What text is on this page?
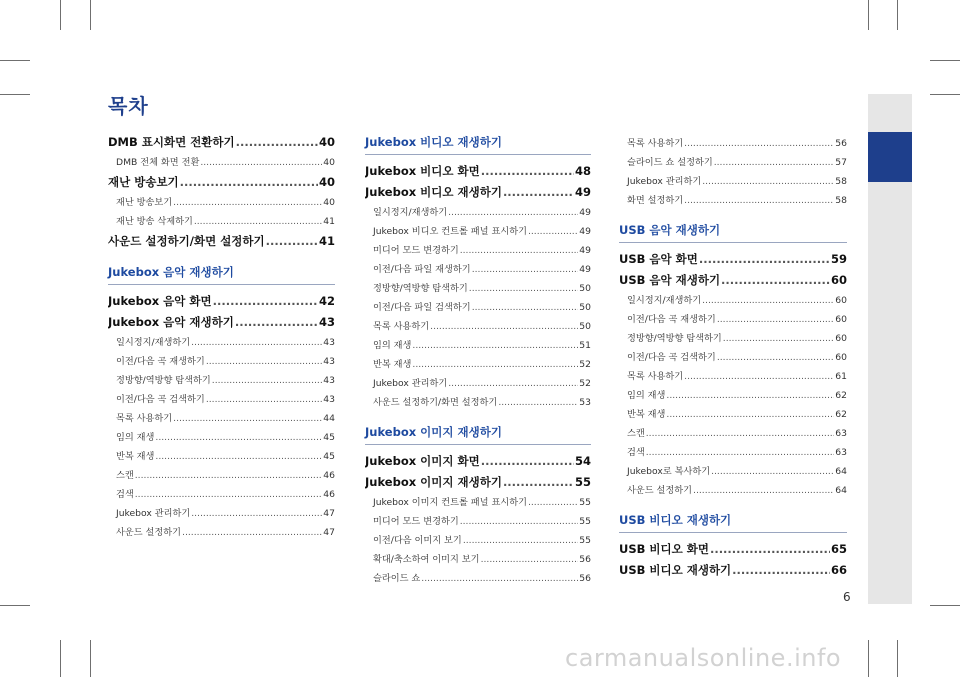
목차
DMB 표시화면 전환하기 .....	40
DMB 전체 화면 전환 .....	40
재난 방송보기 .....	40
재난 방송보기 .....	40
재난 방송 삭제하기 .....	41
사운드 설정하기/화면 설정하기 .....	41
Jukebox 음악 재생하기
Jukebox 음악 화면 .....	42
Jukebox 음악 재생하기 .....	43
일시정지/재생하기 .....	43
이전/다음 곡 재생하기 .....	43
정방향/역방향 탐색하기 .....	43
이전/다음 곡 검색하기 .....	43
목록 사용하기 .....	44
임의 재생 .....	45
반복 재생 .....	45
스캔 .....	46
검색 .....	46
Jukebox 관리하기 .....	47
사운드 설정하기 .....	47
Jukebox 비디오 재생하기
Jukebox 비디오 화면 .....	48
Jukebox 비디오 재생하기 .....	49
일시정지/재생하기 .....	49
Jukebox 비디오 컨트롤 패널 표시하기 .....	49
미디어 모드 변경하기 .....	49
이전/다음 파일 재생하기 .....	49
정방향/역방향 탐색하기 .....	50
이전/다음 파일 검색하기 .....	50
목록 사용하기 .....	50
임의 재생 .....	51
반복 재생 .....	52
Jukebox 관리하기 .....	52
사운드 설정하기/화면 설정하기 .....	53
Jukebox 이미지 재생하기
Jukebox 이미지 화면 .....	54
Jukebox 이미지 재생하기 .....	55
Jukebox 이미지 컨트롤 패널 표시하기 .....	55
미디어 모드 변경하기 .....	55
이전/다음 이미지 보기 .....	55
확대/축소하여 이미지 보기 .....	56
슬라이드 쇼 .....	56
목록 사용하기 .....	56
슬라이드 쇼 설정하기 .....	57
Jukebox 관리하기 .....	58
화면 설정하기 .....	58
USB 음악 재생하기
USB 음악 화면 .....	59
USB 음악 재생하기 .....	60
일시정지/재생하기 .....	60
이전/다음 곡 재생하기 .....	60
정방향/역방향 탐색하기 .....	60
이전/다음 곡 검색하기 .....	60
목록 사용하기 .....	61
임의 재생 .....	62
반복 재생 .....	62
스캔 .....	63
검색 .....	63
Jukebox로 복사하기 .....	64
사운드 설정하기 .....	64
USB 비디오 재생하기
USB 비디오 화면 .....	65
USB 비디오 재생하기 .....	66
6
carmanualsonline.info
